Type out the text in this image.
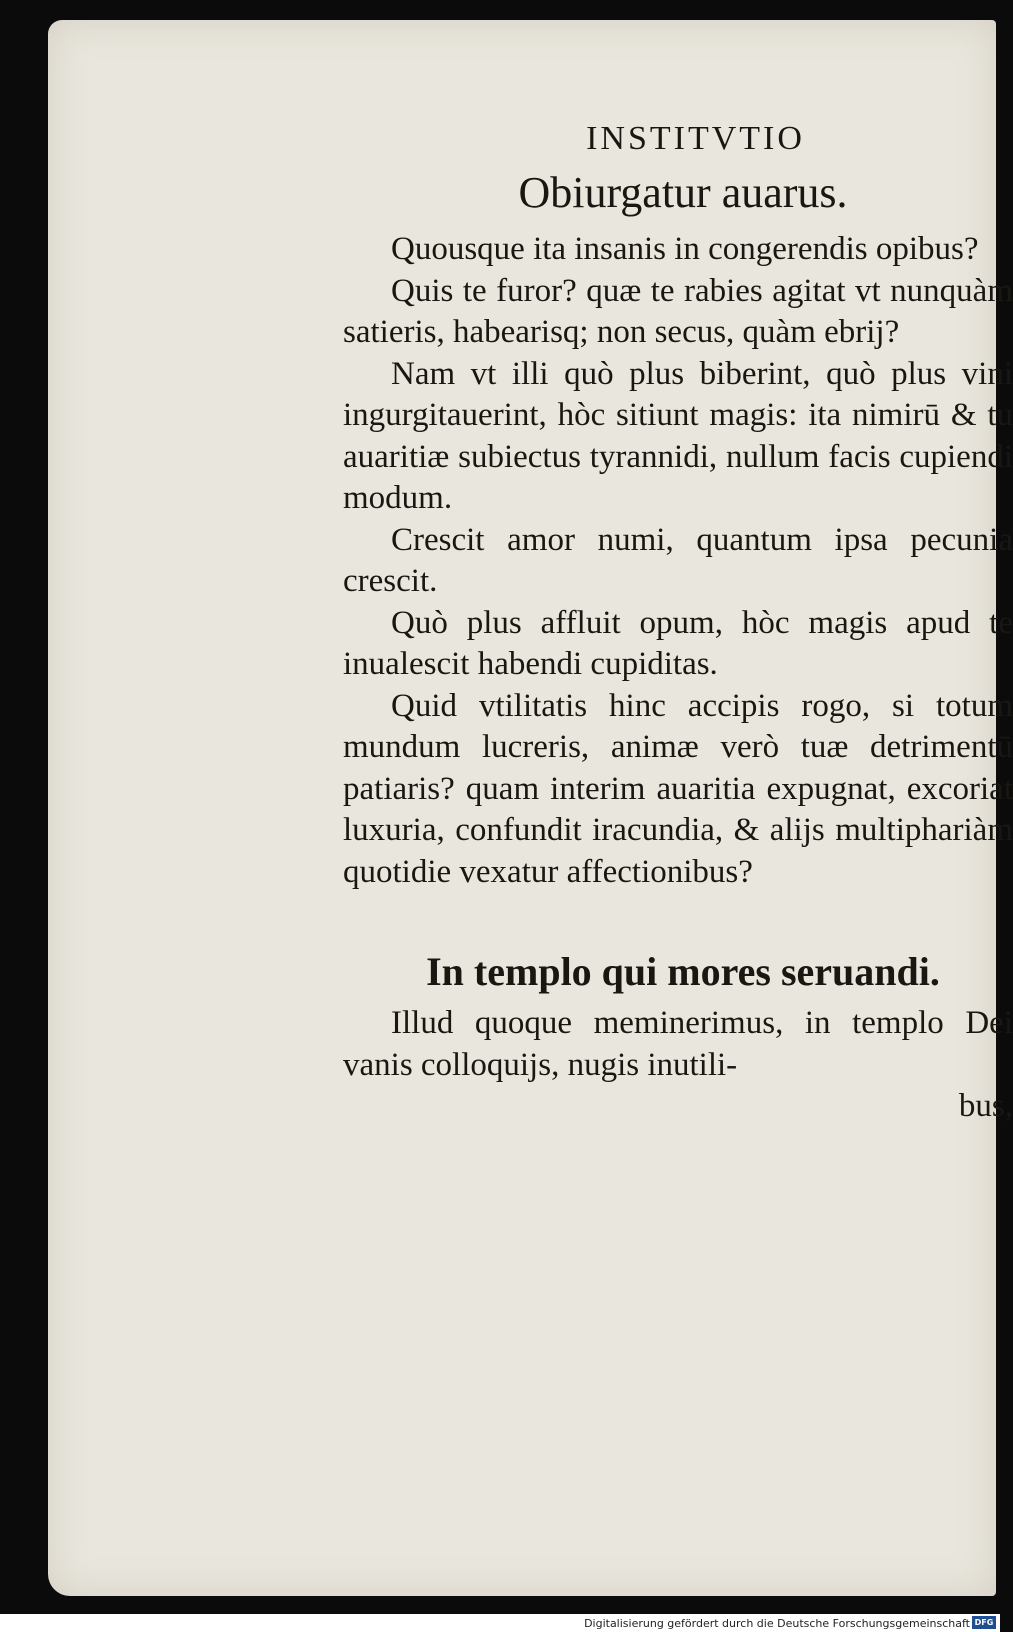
INSTITVTIO
Obiurgatur auarus.

Quousque ita insanis in congerendis opibus?

Quis te furor? quæ te rabies agitat vt nunquàm satieris, habearisq; non secus, quàm ebrij?

Nam vt illi quò plus biberint, quò plus vini ingurgitauerint, hòc sitiunt magis: ita nimirū & tu auaritiæ subiectus tyrannidi, nullum facis cupiendi modum.

Crescit amor numi, quantum ipsa pecunia crescit.

Quò plus affluit opum, hòc magis apud te inualescit habendi cupiditas.

Quid vtilitatis hinc accipis rogo, si totum mundum lucreris, animæ verò tuæ detrimentū patiaris? quam interim auaritia expugnat, excoriat luxuria, confundit iracundia, & alijs multiphariàm quotidie vexatur affectionibus?

In templo qui mores seruandi.

Illud quoque meminerimus, in templo Dei vanis colloquijs, nugis inutili-

bus,

Digitalisierung gefördert durch die Deutsche Forschungsgemeinschaft DFG
